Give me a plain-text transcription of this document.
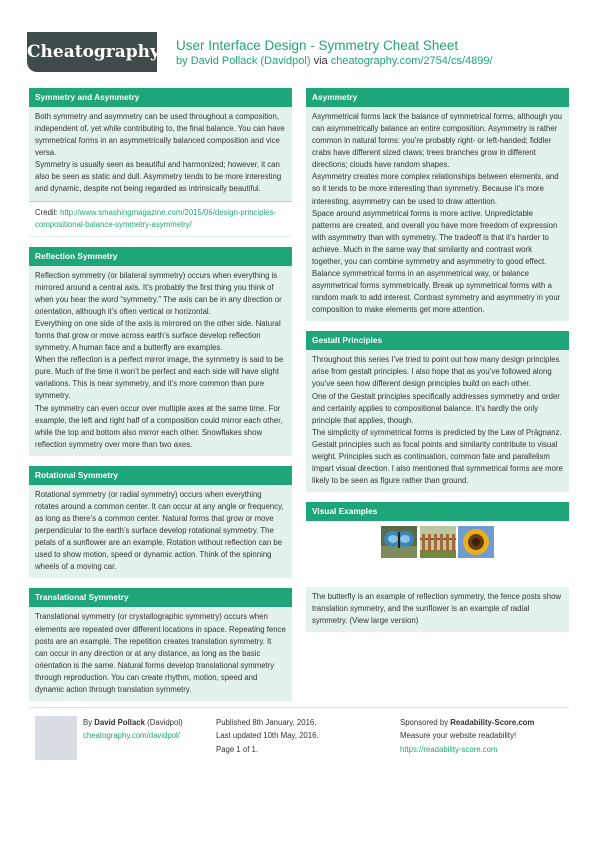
Cheatography User Interface Design - Symmetry Cheat Sheet
by David Pollack (Davidpol) via cheatography.com/2754/cs/4899/
Symmetry and Asymmetry

Both symmetry and asymmetry can be used throughout a composition, independent of, yet while contributing to, the final balance. You can have symmetrical forms in an asymmetrically balanced composition and vice versa.

Symmetry is usually seen as beautiful and harmonized; however, it can also be seen as static and dull. Asymmetry tends to be more interesting and dynamic, despite not being regarded as intrinsically beautiful.

Credit: http://www.smashingmagazine.com/2015/06/design-principles-compositional-balance-symmetry-asymmetry/
Reflection Symmetry

Reflection symmetry (or bilateral symmetry) occurs when everything is mirrored around a central axis. It’s probably the first thing you think of when you hear the word “symmetry.” The axis can be in any direction or orientation, although it’s often vertical or horizontal.

Everything on one side of the axis is mirrored on the other side. Natural forms that grow or move across earth’s surface develop reflection symmetry. A human face and a butterfly are examples.

When the reflection is a perfect mirror image, the symmetry is said to be pure. Much of the time it won’t be perfect and each side will have slight variations. This is near symmetry, and it’s more common than pure symmetry.

The symmetry can even occur over multiple axes at the same time. For example, the left and right half of a composition could mirror each other, while the top and bottom also mirror each other. Snowflakes show reflection symmetry over more than two axes.

Rotational Symmetry

Rotational symmetry (or radial symmetry) occurs when everything rotates around a common center. It can occur at any angle or frequency, as long as there’s a common center. Natural forms that grow or move perpendicular to the earth’s surface develop rotational symmetry. The petals of a sunflower are an example. Rotation without reflection can be used to show motion, speed or dynamic action. Think of the spinning wheels of a moving car.

Translational Symmetry

Translational symmetry (or crystallographic symmetry) occurs when elements are repeated over different locations in space. Repeating fence posts are an example. The repetition creates translation symmetry. It can occur in any direction or at any distance, as long as the basic orientation is the same. Natural forms develop translational symmetry through reproduction. You can create rhythm, motion, speed and dynamic action through translation symmetry.

Asymmetry

Asymmetrical forms lack the balance of symmetrical forms, although you can asymmetrically balance an entire composition. Asymmetry is rather common in natural forms: you’re probably right- or left-handed; fiddler crabs have different sized claws; trees branches grow in different directions; clouds have random shapes.

Asymmetry creates more complex relationships between elements, and so it tends to be more interesting than symmetry. Because it’s more interesting, asymmetry can be used to draw attention.

Space around asymmetrical forms is more active. Unpredictable patterns are created, and overall you have more freedom of expression with asymmetry than with symmetry. The tradeoff is that it’s harder to achieve. Much in the same way that similarity and contrast work together, you can combine symmetry and asymmetry to good effect. Balance symmetrical forms in an asymmetrical way, or balance asymmetrical forms symmetrically. Break up symmetrical forms with a random mark to add interest. Contrast symmetry and asymmetry in your composition to make elements get more attention.

Gestalt Principles

Throughout this series I’ve tried to point out how many design principles arise from gestalt principles. I also hope that as you’ve followed along you’ve seen how different design principles build on each other.

One of the Gestalt principles specifically addresses symmetry and order and certainly applies to compositional balance. It’s hardly the only principle that applies, though.

The simplicity of symmetrical forms is predicted by the Law of Prägnanz. Gestalt principles such as focal points and similarity contribute to visual weight. Principles such as continuation, common fate and parallelism impart visual direction. I also mentioned that symmetrical forms are more likely to be seen as figure rather than ground.

Visual Examples

The butterfly is an example of reflection symmetry, the fence posts show translation symmetry, and the sunflower is an example of radial symmetry. (View large version)

By David Pollack (Davidpol)
cheatography.com/davidpol/
Published 8th January, 2016.
Last updated 10th May, 2016.
Page 1 of 1.
Sponsored by Readability-Score.com
Measure your website readability!
https://readability-score.com
